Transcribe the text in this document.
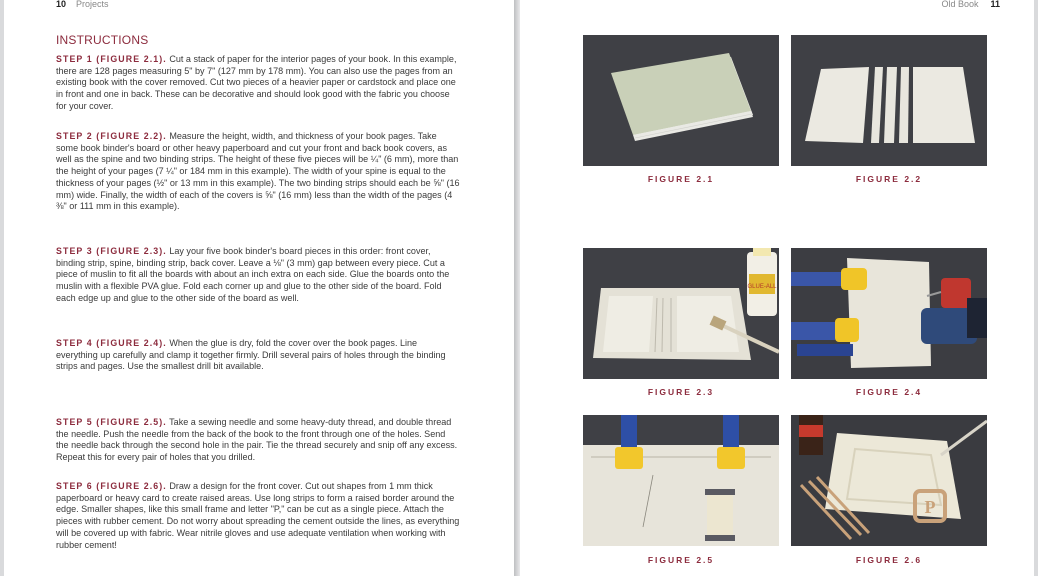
10 Projects
INSTRUCTIONS
STEP 1 (FIGURE 2.1). Cut a stack of paper for the interior pages of your book. In this example, there are 128 pages measuring 5" by 7" (127 mm by 178 mm). You can also use the pages from an existing book with the cover removed. Cut two pieces of a heavier paper or cardstock and place one in front and one in back. These can be decorative and should look good with the fabric you choose for your cover.
STEP 2 (FIGURE 2.2). Measure the height, width, and thickness of your book pages. Take some book binder's board or other heavy paperboard and cut your front and back book covers, as well as the spine and two binding strips. The height of these five pieces will be ¼" (6 mm), more than the height of your pages (7 ¼" or 184 mm in this example). The width of your spine is equal to the thickness of your pages (½" or 13 mm in this example). The two binding strips should each be ⅝" (16 mm) wide. Finally, the width of each of the covers is ⅝" (16 mm) less than the width of the pages (4 ⅜" or 111 mm in this example).
STEP 3 (FIGURE 2.3). Lay your five book binder's board pieces in this order: front cover, binding strip, spine, binding strip, back cover. Leave a ⅛" (3 mm) gap between every piece. Cut a piece of muslin to fit all the boards with about an inch extra on each side. Glue the boards onto the muslin with a flexible PVA glue. Fold each corner up and glue to the other side of the board. Fold each edge up and glue to the other side of the board as well.
STEP 4 (FIGURE 2.4). When the glue is dry, fold the cover over the book pages. Line everything up carefully and clamp it together firmly. Drill several pairs of holes through the binding strips and pages. Use the smallest drill bit available.
STEP 5 (FIGURE 2.5). Take a sewing needle and some heavy-duty thread, and double thread the needle. Push the needle from the back of the book to the front through one of the holes. Send the needle back through the second hole in the pair. Tie the thread securely and snip off any excess. Repeat this for every pair of holes that you drilled.
STEP 6 (FIGURE 2.6). Draw a design for the front cover. Cut out shapes from 1 mm thick paperboard or heavy card to create raised areas. Use long strips to form a raised border around the edge. Smaller shapes, like this small frame and letter "P," can be cut as a single piece. Attach the pieces with rubber cement. Do not worry about spreading the cement outside the lines, as everything will be covered up with fabric. Wear nitrile gloves and use adequate ventilation when working with rubber cement!
Old Book 11
GLUE-ALL
P
FIGURE 2.1	FIGURE 2.2
FIGURE 2.3	FIGURE 2.4
FIGURE 2.5	FIGURE 2.6
